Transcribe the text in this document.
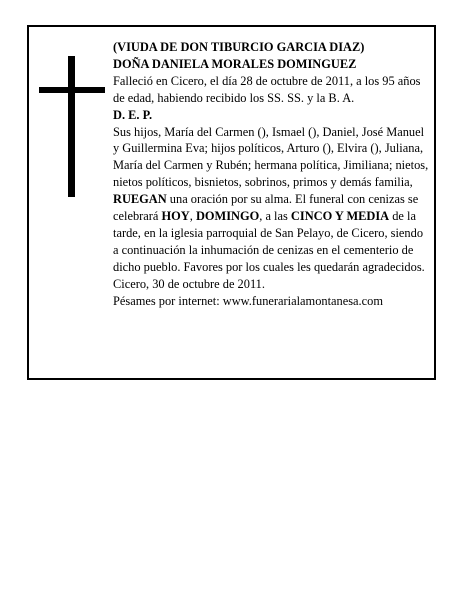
(VIUDA DE DON TIBURCIO GARCIA DIAZ)

DOÑA DANIELA MORALES DOMINGUEZ

Falleció en Cicero, el día 28 de octubre de 2011, a los 95 años de edad, habiendo recibido los SS. SS. y la B. A.

D. E. P.

Sus hijos, María del Carmen (), Ismael (), Daniel, José Manuel y Guillermina Eva; hijos políticos, Arturo (), Elvira (), Juliana, María del Carmen y Rubén; hermana política, Jimiliana; nietos, nietos políticos, bisnietos, sobrinos, primos y demás familia,

RUEGAN una oración por su alma. El funeral con cenizas se celebrará HOY, DOMINGO, a las CINCO Y MEDIA de la tarde, en la iglesia parroquial de San Pelayo, de Cicero, siendo a continuación la inhumación de cenizas en el cementerio de dicho pueblo. Favores por los cuales les quedarán agradecidos.

Cicero, 30 de octubre de 2011.

Pésames por internet: www.funerarialamontanesa.com
